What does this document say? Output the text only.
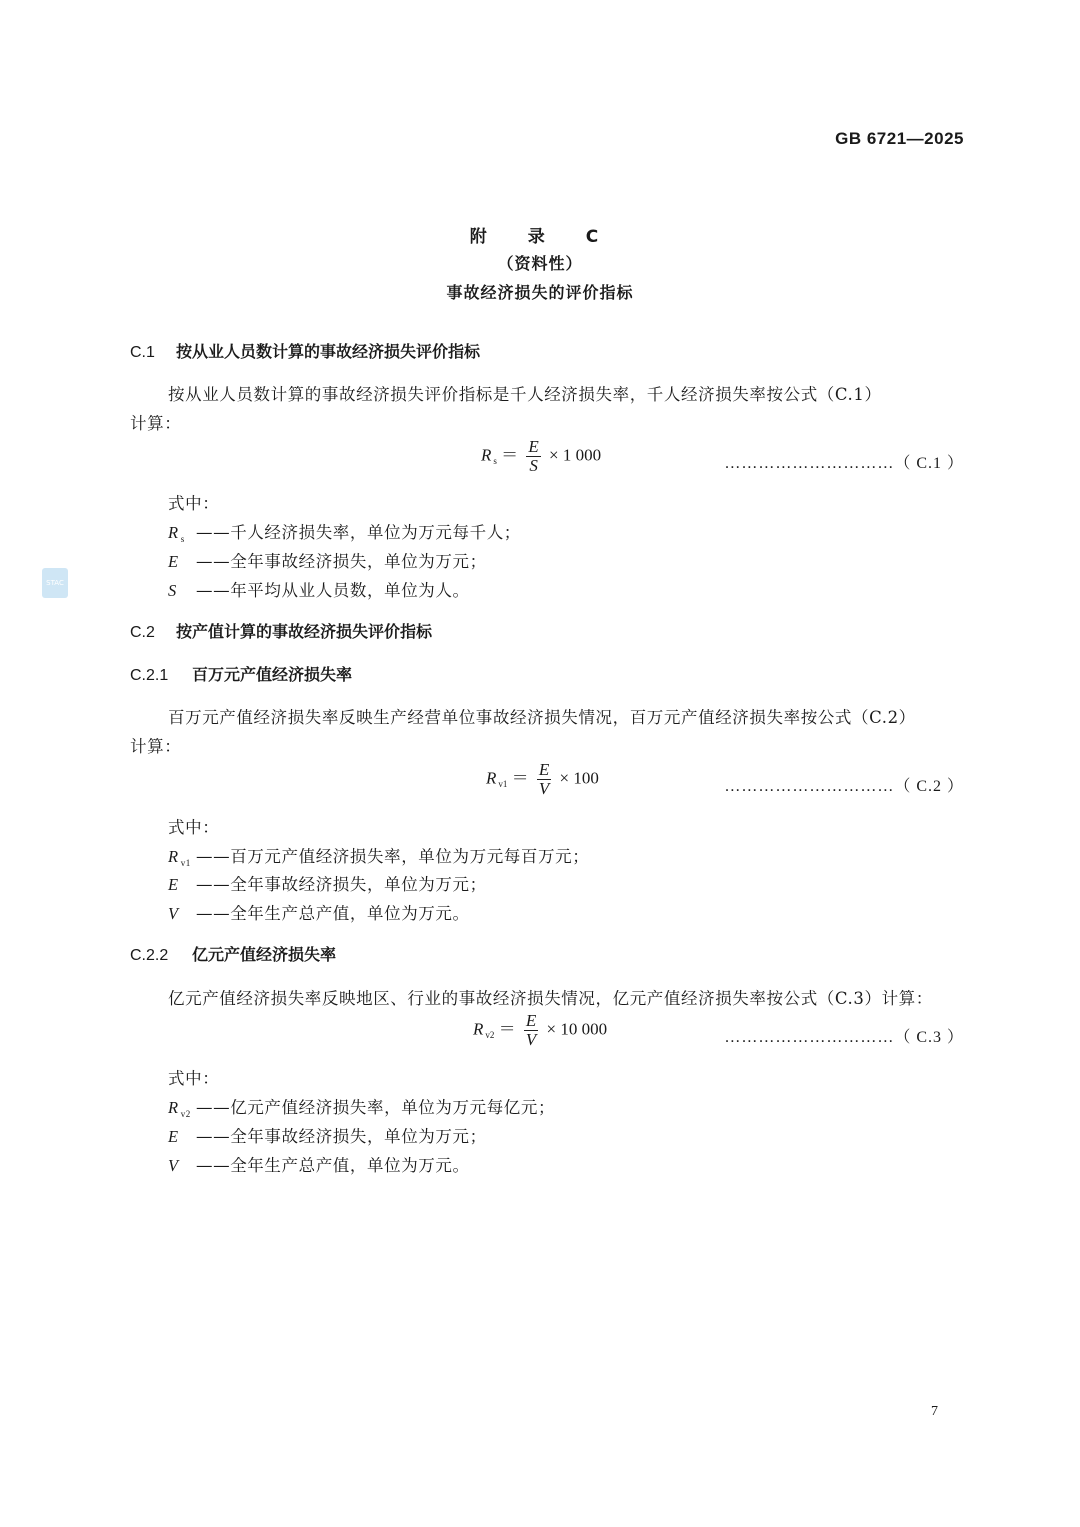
GB 6721—2025
STAC
附　录　C
（资料性）
事故经济损失的评价指标
C.1 按从业人员数计算的事故经济损失评价指标
按从业人员数计算的事故经济损失评价指标是千人经济损失率，千人经济损失率按公式（C.1）
计算：
R $_s = \frac{E}{S} \times 1$ 000	…………………………（ C.1 ）
式中：
R $_s$ ——千人经济损失率，单位为万元每千人；
E ——全年事故经济损失，单位为万元；
S ——年平均从业人员数，单位为人。
C.2 按产值计算的事故经济损失评价指标
C.2.1 百万元产值经济损失率
百万元产值经济损失率反映生产经营单位事故经济损失情况，百万元产值经济损失率按公式（C.2）
计算：
R $_{v1} = \frac{E}{V} \times 100$	…………………………（ C.2 ）
式中：
R $_{v1}$ ——百万元产值经济损失率，单位为万元每百万元；
E ——全年事故经济损失，单位为万元；
V ——全年生产总产值，单位为万元。
C.2.2 亿元产值经济损失率
亿元产值经济损失率反映地区、行业的事故经济损失情况，亿元产值经济损失率按公式（C.3）计算：
R $_{v2} = \frac{E}{V} \times 10$ 000	…………………………（ C.3 ）
式中：
R $_{v2}$ ——亿元产值经济损失率，单位为万元每亿元；
E ——全年事故经济损失，单位为万元；
V ——全年生产总产值，单位为万元。
7
